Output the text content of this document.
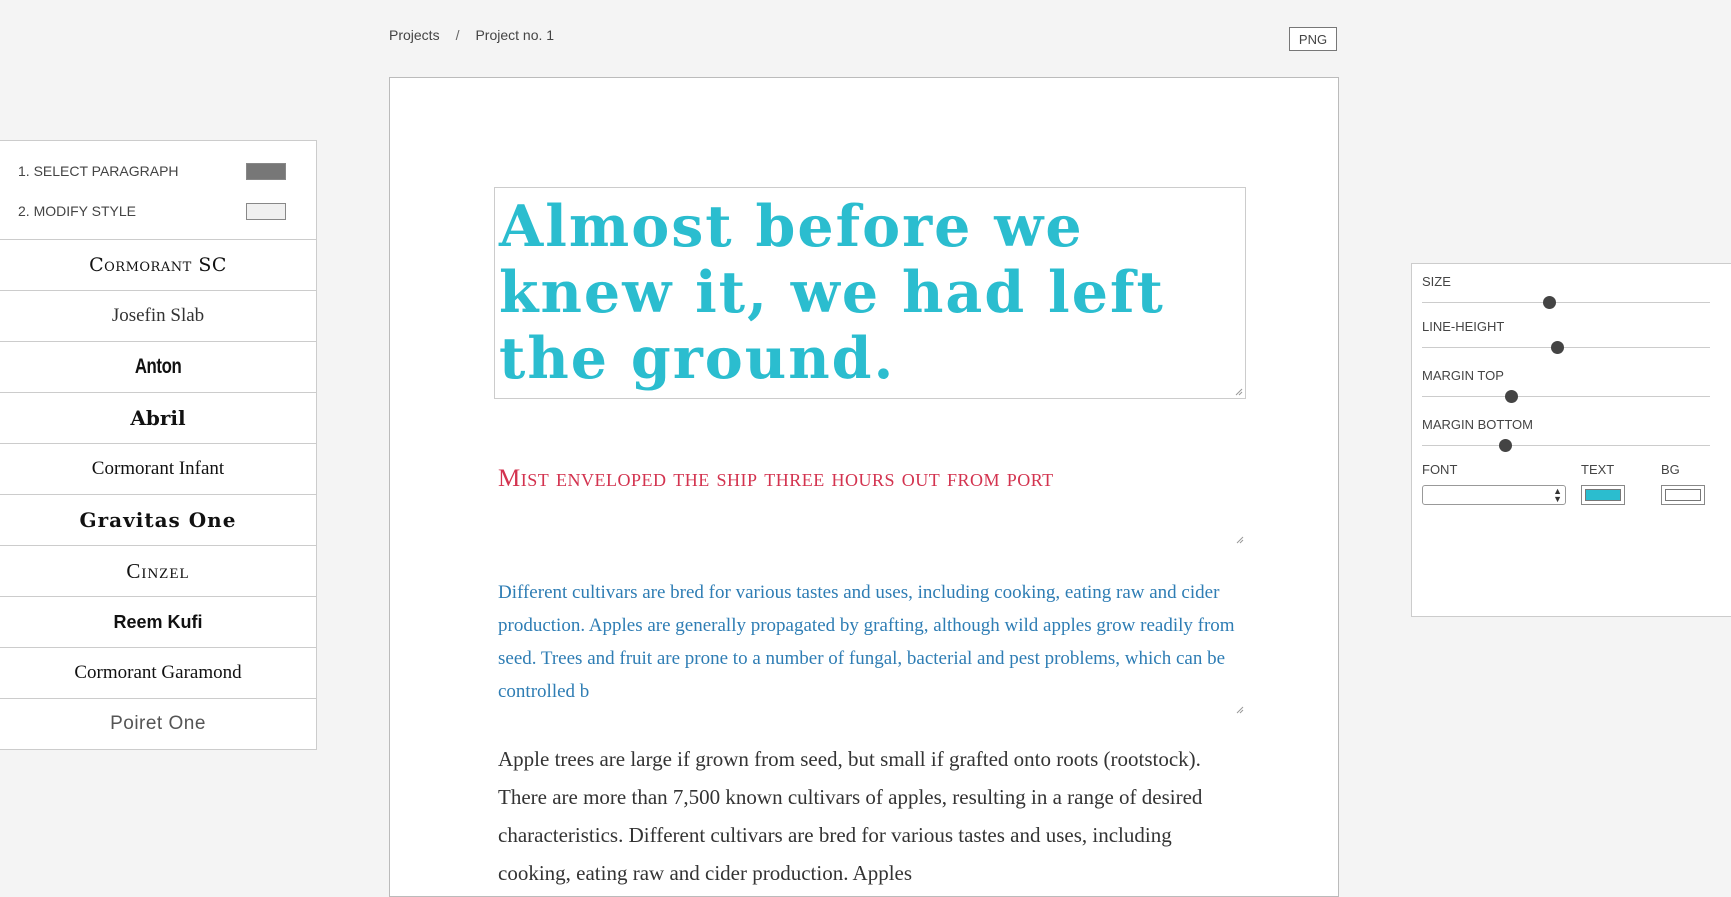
Projects / Project no. 1	PNG
1. SELECT PARAGRAPH
2. MODIFY STYLE
Cormorant SC
Josefin Slab
Anton
Abril
Cormorant Infant
Gravitas One
Cinzel
Reem Kufi
Cormorant Garamond
Poiret One
Almost before we knew it, we had left the ground.
Mist enveloped the ship three hours out from port
Different cultivars are bred for various tastes and uses, including cooking, eating raw and cider production. Apples are generally propagated by grafting, although wild apples grow readily from seed. Trees and fruit are prone to a number of fungal, bacterial and pest problems, which can be controlled b
Apple trees are large if grown from seed, but small if grafted onto roots (rootstock). There are more than 7,500 known cultivars of apples, resulting in a range of desired characteristics. Different cultivars are bred for various tastes and uses, including cooking, eating raw and cider production. Apples
SIZE
LINE-HEIGHT
MARGIN TOP
MARGIN BOTTOM
FONT	TEXT	BG
▲
▼
